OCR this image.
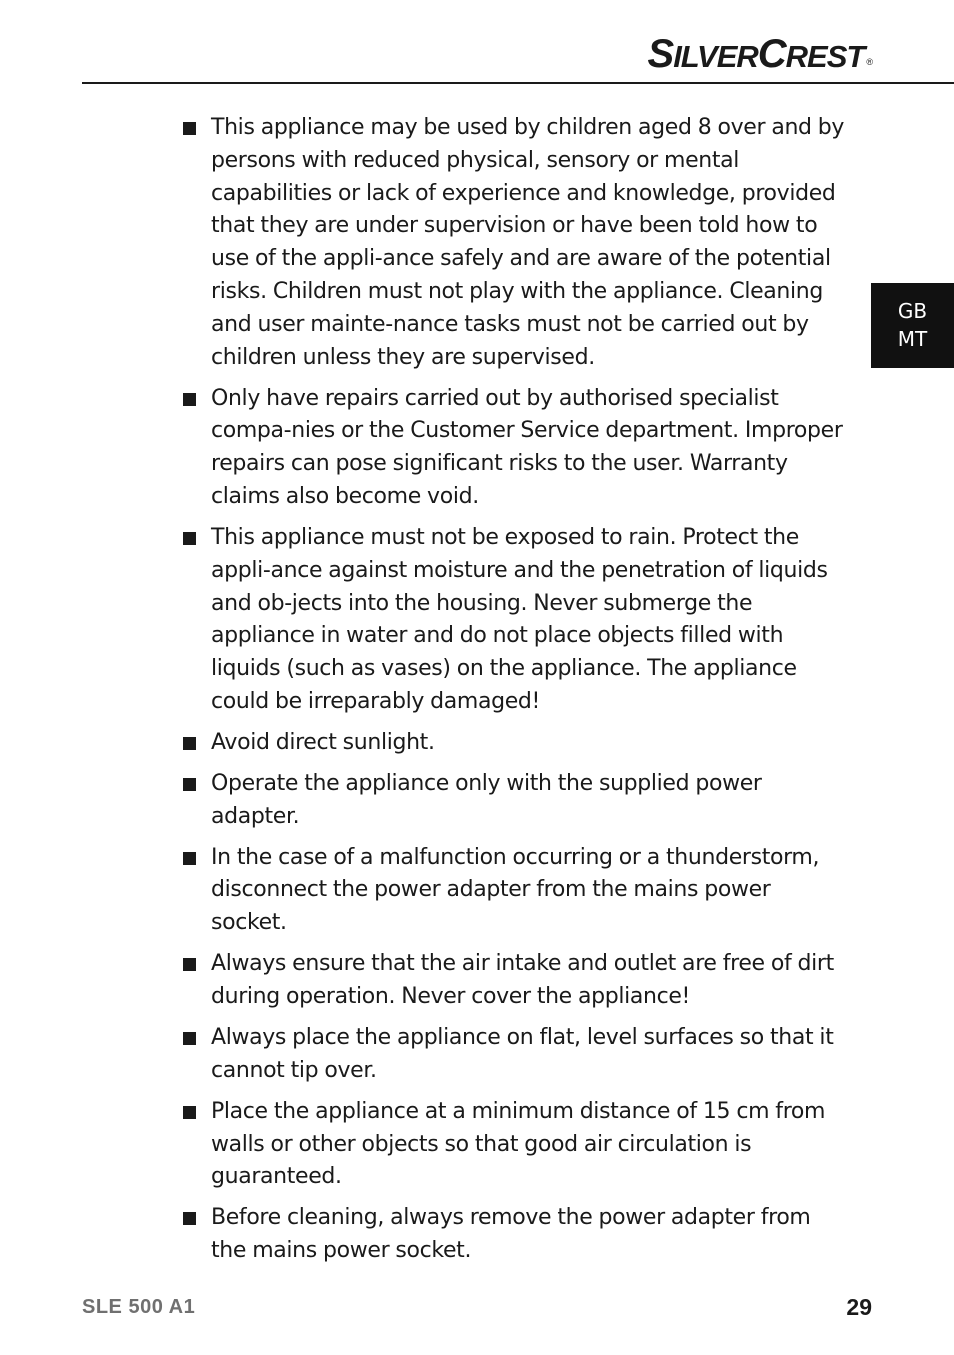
SILVERCREST ®
GB
MT
This appliance may be used by children aged 8 over and by persons with reduced physical, sensory or mental capabilities or lack of experience and knowledge, provided that they are under supervision or have been told how to use of the appli-ance safely and are aware of the potential risks. Children must not play with the appliance. Cleaning and user mainte-nance tasks must not be carried out by children unless they are supervised.
Only have repairs carried out by authorised specialist compa-nies or the Customer Service department. Improper repairs can pose significant risks to the user. Warranty claims also become void.
This appliance must not be exposed to rain. Protect the appli-ance against moisture and the penetration of liquids and ob-jects into the housing. Never submerge the appliance in water and do not place objects filled with liquids (such as vases) on the appliance. The appliance could be irreparably damaged!
Avoid direct sunlight.
Operate the appliance only with the supplied power adapter.
In the case of a malfunction occurring or a thunderstorm, disconnect the power adapter from the mains power socket.
Always ensure that the air intake and outlet are free of dirt during operation. Never cover the appliance!
Always place the appliance on flat, level surfaces so that it cannot tip over.
Place the appliance at a minimum distance of 15 cm from walls or other objects so that good air circulation is guaranteed.
Before cleaning, always remove the power adapter from the mains power socket.
SLE 500 A1	29
